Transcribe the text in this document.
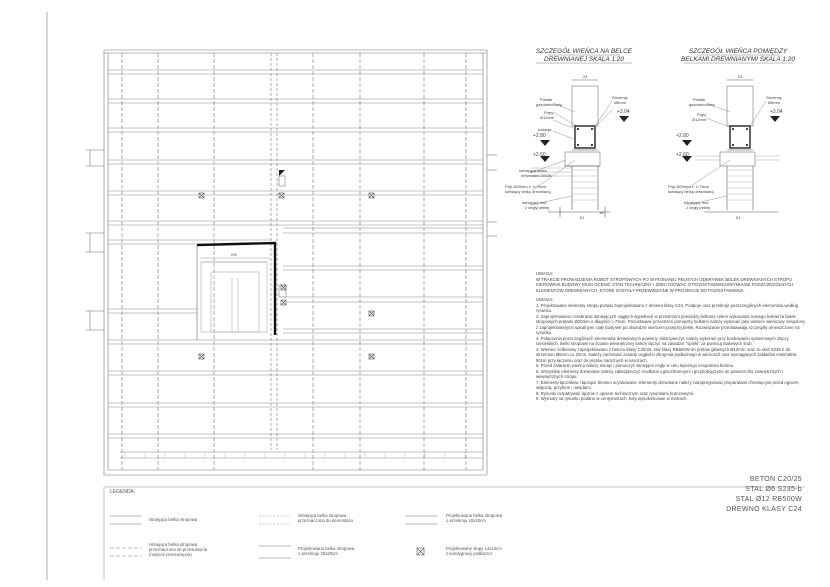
200
SZCZEGÓŁ WIEŃCA NA BELCE
DREWNIANEJ SKALA 1:20
+2.80
+2.60
+3.04
Pustak
gazobetonowy
Strzemię
Ø6mm
Pręty
Ø12mm
izolacja
Istniejąca belka
drewniana 20x25
Pręt Ø20mm c. l=75cm
kotwiący belkę drewnianą
Istniejący mur
z cegły pełnej
24
51
18
SZCZEGÓŁ WIEŃCA POMIĘDZY
BELKAMI DREWNIANYMI SKALA 1:20
+2.80
+2.60
+3.04
Pustak
gazobetonowy
Strzemię
Ø6mm
Pręty
Ø12mm
Pręt Ø20mm c. l=75cm
kotwiący belkę drewnianą
Istniejący mur
z cegły pełnej
24
51

UWAGA:

W TRAKCIE PROWADZENIA ROBÓT STROPOWYCH PO WYKONANIU PEŁNYCH ODKRYWEK BELEK DREWNIANYCH STROPU KIEROWNIK BUDOWY MUSI OCENIĆ STAN TECHNICZNY I ZDECYDOWAĆ O POZOSTAWIENIU/WYMIANIE POSZCZEGÓLNYCH ELEMENTÓW DREWNIANYCH, KTÓRE ZOSTAŁY PRZEWIDZIANE W PROJEKCIE DO POZOSTAWIENIA.

UWAGA:

1. Projektowane elementy stropu portalu zaprojektowano z drewna klasy C24. Podpoje oraz przekroje poszczególnych elementów według rysunku.

2. Zaprojektowano rozebranie istniejących ciągłych wypełnień w przestrzeni pomiędzy belkami celem wykonania nowego kołnierza belek stropowych prętami Ø20mm o długości l=75cm. Pozostawiać przestrzeń pomiędzy belkami należy wykonać jako wieniec wieńcowy zespolony z zaprojektowanymi spiralnymi ciały budynek po obwodzie wieńcem powyżej belek. Rozwiązanie przedstawiają szczegóły umieszczone na rysunku.

3. Połączenia poszczególnych elementów drewnianych powinny zabezpieczyć należy wykonać przy bosbowaniu systemowym złączy ciesielskich. Belki stropowe na ścianie wewnętrznej należy łączyć na zasadzie "spinki" za pomocą stalowych śrub.

4. Wieniec żelbetowy zaprojektowano z betonu klasy C20/25, stal klasy RB500W do prętów głównych Ø12mm oraz ze stali S235 b do strzemion Ø6mm co 20cm. Należy zachować zasadę ciągłości zbrojenia podłużnego w wieńcach oraz wymaganych zakładów minimalnie 50cm przy łączeniu oraz do prętów narożnych w narożach.

5. Przed zalaniem wieńca należy naciąć i pomoczyć istniejące cegły w celu lepszego zespolenia betonu.

6. Wszystkie elementy drewniane należy zabezpieczyć środkami ogniochronnymi i grzybobójczymi do powierzchni zewnętrznych i wewnętrznych stropu.

7. Elementy łączników i łączące drewno ocynkowane. Elementy drewniane należy zaimpregnować preparatami chroniącymi przed ogniem, wilgocią, grzybem i owadami.

8. Rysunki rozpatrywać łącznie z opisem technicznym oraz rysunkami branżowymi.

9. Wymiary na rysunku podano w centymetrach, koty wysokościowe w metrach.

BETON C20/25
STAL Ø6 S235-b
STAL Ø12 RB500W
DREWNO KLASY C24
LEGENDA:
Istniejąca belka stropowa
Istniejąca belka stropowa
przeznaczona do demontażu
Projektowana belka stropowa
o przekroju 10x20cm
Istniejąca belka stropowa
przeznaczona do przesunięcia
(miejsce przesunięcia)
Projektowana belka stropowa
o przekroju 20x20cm
Projektowane słupy 14x14cm
z kondygnacji podłaszcz
